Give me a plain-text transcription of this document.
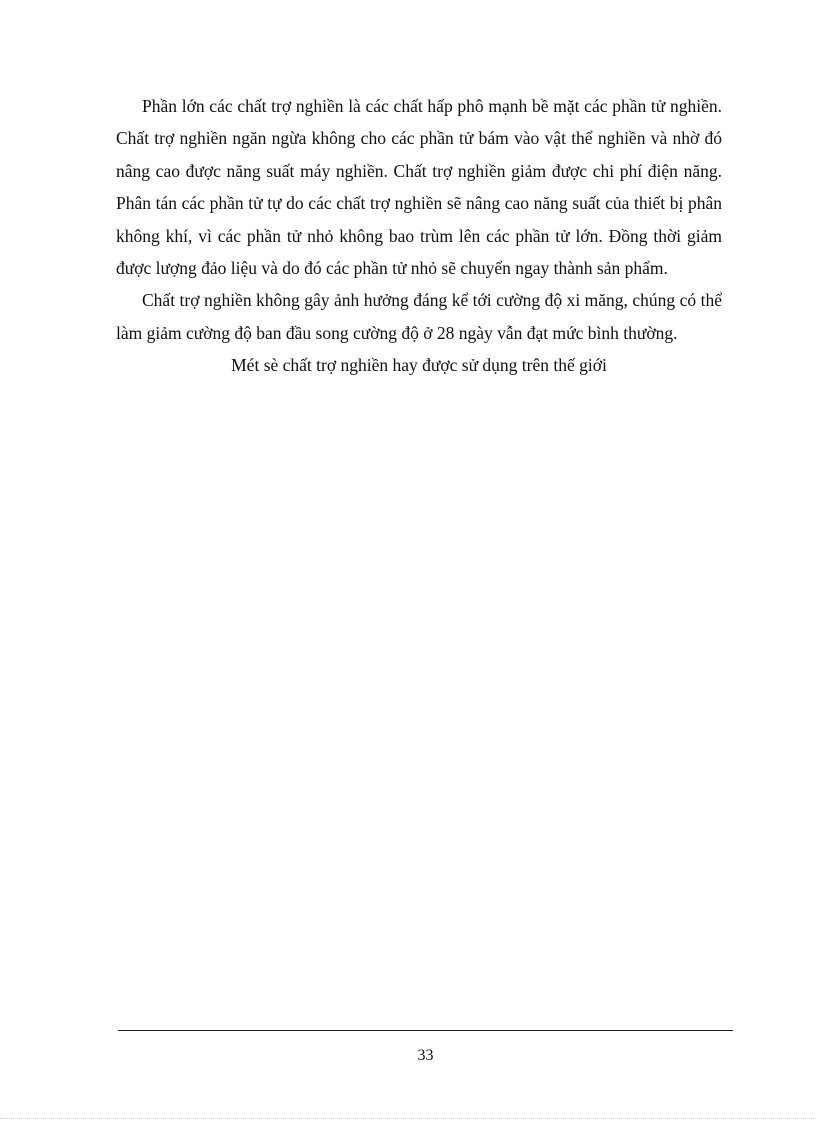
Phần lớn các chất trợ nghiền là các chất hấp phô mạnh bề mặt các phần tử nghiền. Chất trợ nghiền ngăn ngừa không cho các phần tử bám vào vật thể nghiền và nhờ đó nâng cao được năng suất máy nghiền. Chất trợ nghiền giảm được chi phí điện năng. Phân tán các phần tử tự do các chất trợ nghiền sẽ nâng cao năng suất của thiết bị phân không khí, vì các phần tử nhỏ không bao trùm lên các phần tử lớn. Đồng thời giảm được lượng đảo liệu và do đó các phần tử nhỏ sẽ chuyển ngay thành sản phẩm.

Chất trợ nghiền không gây ảnh hưởng đáng kể tới cường độ xi măng, chúng có thể làm giảm cường độ ban đầu song cường độ ở 28 ngày vẫn đạt mức bình thường.

Mét sè chất trợ nghiền hay được sử dụng trên thế giới

33
